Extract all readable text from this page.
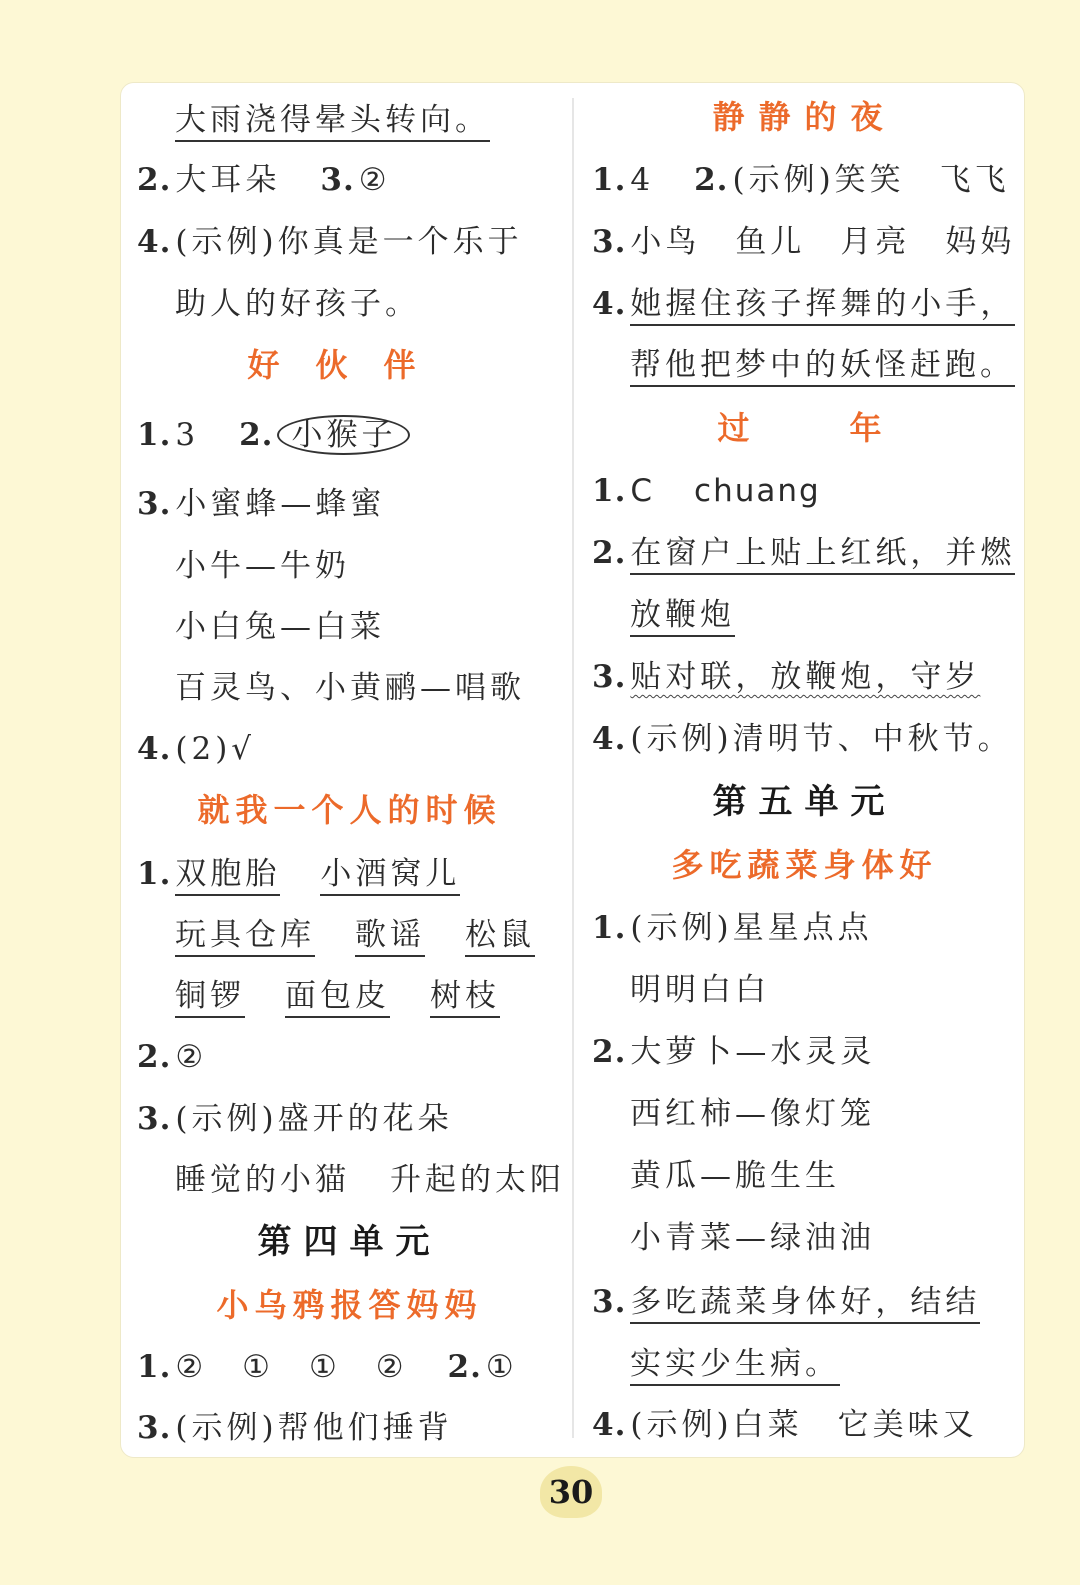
大雨浇得晕头转向。
2. 大耳朵 3. ②
4. (示例)你真是一个乐于
助人的好孩子。
好伙伴
1. 3 2. 小猴子
3. 小蜜蜂—蜂蜜
小牛—牛奶
小白兔—白菜
百灵鸟、小黄鹂—唱歌
4. (2)√
就我一个人的时候
1. 双胞胎 小酒窝儿
玩具仓库 歌谣 松鼠
铜锣 面包皮 树枝
2. ②
3. (示例)盛开的花朵
睡觉的小猫 升起的太阳
第四单元
小乌鸦报答妈妈
1. ②　①　①　② 2. ①
3. (示例)帮他们捶背
静静的夜
1. 4 2. (示例)笑笑　飞飞
3. 小鸟　鱼儿　月亮　妈妈
4. 她握住孩子挥舞的小手，
帮他把梦中的妖怪赶跑。
过年
1. C chuang
2. 在窗户上贴上红纸，并燃
放鞭炮
3. 贴对联，放鞭炮，守岁
4. (示例)清明节、中秋节。
第五单元
多吃蔬菜身体好
1. (示例)星星点点
明明白白
2. 大萝卜—水灵灵
西红柿—像灯笼
黄瓜—脆生生
小青菜—绿油油
3. 多吃蔬菜身体好，结结
实实少生病。
4. (示例)白菜　它美味又
30
